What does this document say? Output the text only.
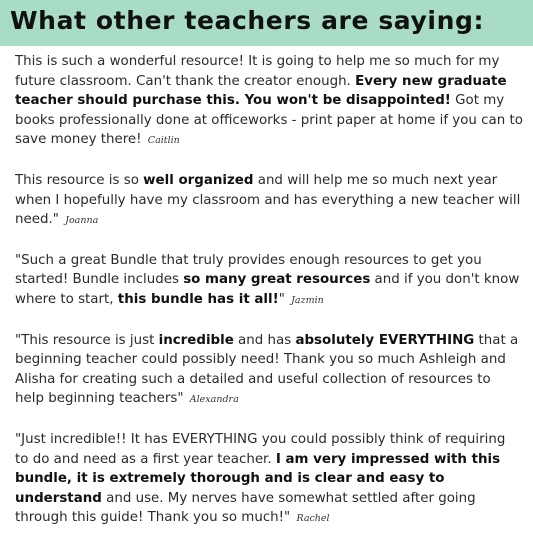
What other teachers are saying:

This is such a wonderful resource! It is going to help me so much for my future classroom. Can't thank the creator enough. Every new graduate teacher should purchase this. You won't be disappointed! Got my books professionally done at officeworks - print paper at home if you can to save money there! Caitlin

This resource is so well organized and will help me so much next year when I hopefully have my classroom and has everything a new teacher will need." Joanna

"Such a great Bundle that truly provides enough resources to get you started! Bundle includes so many great resources and if you don't know where to start, this bundle has it all!" Jazmin

"This resource is just incredible and has absolutely EVERYTHING that a beginning teacher could possibly need! Thank you so much Ashleigh and Alisha for creating such a detailed and useful collection of resources to help beginning teachers" Alexandra

"Just incredible!! It has EVERYTHING you could possibly think of requiring to do and need as a first year teacher. I am very impressed with this bundle, it is extremely thorough and is clear and easy to understand and use. My nerves have somewhat settled after going through this guide! Thank you so much!" Rachel
